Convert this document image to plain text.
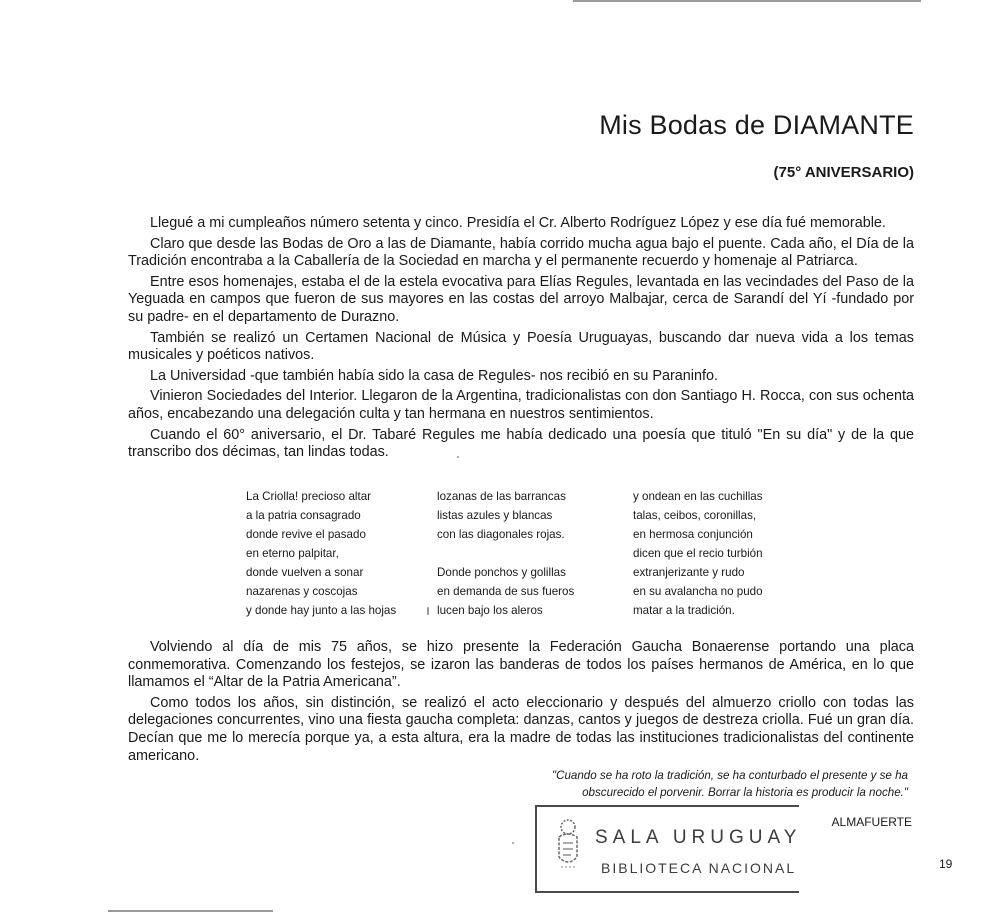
Mis Bodas de DIAMANTE
(75° ANIVERSARIO)

Llegué a mi cumpleaños número setenta y cinco. Presidía el Cr. Alberto Rodríguez López y ese día fué memorable.

Claro que desde las Bodas de Oro a las de Diamante, había corrido mucha agua bajo el puente. Cada año, el Día de la Tradición encontraba a la Caballería de la Sociedad en marcha y el permanente recuerdo y homenaje al Patriarca.

Entre esos homenajes, estaba el de la estela evocativa para Elías Regules, levantada en las vecindades del Paso de la Yeguada en campos que fueron de sus mayores en las costas del arroyo Malbajar, cerca de Sarandí del Yí -fundado por su padre- en el departamento de Durazno.

También se realizó un Certamen Nacional de Música y Poesía Uruguayas, buscando dar nueva vida a los temas musicales y poéticos nativos.

La Universidad -que también había sido la casa de Regules- nos recibió en su Paraninfo.

Vinieron Sociedades del Interior. Llegaron de la Argentina, tradicionalistas con don Santiago H. Rocca, con sus ochenta años, encabezando una delegación culta y tan hermana en nuestros sentimientos.

Cuando el 60° aniversario, el Dr. Tabaré Regules me había dedicado una poesía que tituló "En su día" y de la que transcribo dos décimas, tan lindas todas.

La Criolla! precioso altar
a la patria consagrado
donde revive el pasado
en eterno palpitar,
donde vuelven a sonar
nazarenas y coscojas
y donde hay junto a las hojas
lozanas de las barrancas
listas azules y blancas
con las diagonales rojas.
Donde ponchos y golillas
en demanda de sus fueros
lucen bajo los aleros
y ondean en las cuchillas
talas, ceibos, coronillas,
en hermosa conjunción
dicen que el recio turbión
extranjerizante y rudo
en su avalancha no pudo
matar a la tradición.

Volviendo al día de mis 75 años, se hizo presente la Federación Gaucha Bonaerense portando una placa conmemorativa. Comenzando los festejos, se izaron las banderas de todos los países hermanos de América, en lo que llamamos el “Altar de la Patria Americana”.

Como todos los años, sin distinción, se realizó el acto eleccionario y después del almuerzo criollo con todas las delegaciones concurrentes, vino una fiesta gaucha completa: danzas, cantos y juegos de destreza criolla. Fué un gran día. Decían que me lo merecía porque ya, a esta altura, era la madre de todas las instituciones tradicionalistas del continente americano.

"Cuando se ha roto la tradición, se ha conturbado el presente y se ha obscurecido el porvenir. Borrar la historia es producir la noche."
ALMAFUERTE
SALA URUGUAY
BIBLIOTECA NACIONAL	19
